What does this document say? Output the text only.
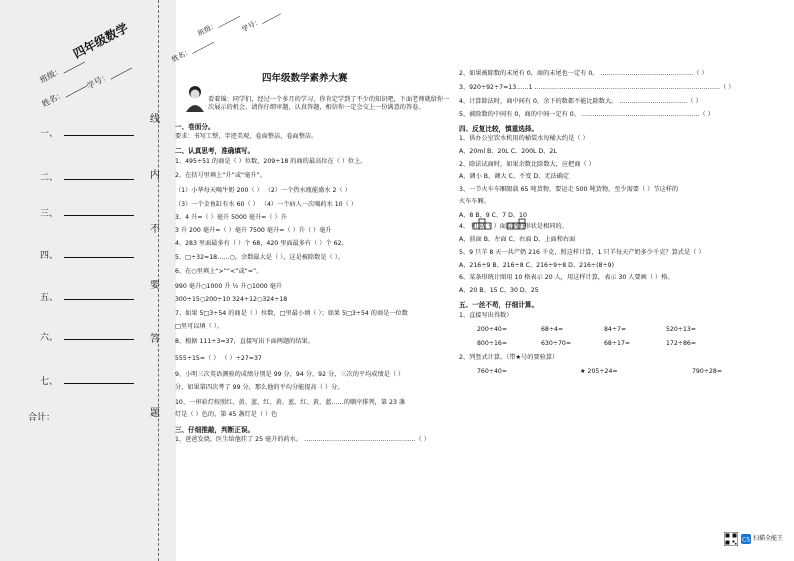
四年级数学
姓名：______
学号：______
班级：______
一、
二、
三、
四、
五、
六、
七、
合计：
线
内
不
要
答
题
姓名：_______
班级：_______ 学号：______
四年级数学素养大赛
看着锦：同学们，经过一个多月的学习，你肯定学到了不少的知识吧，下面老师就给你一次展示的机会，请你仔细审题，认真答题，相信你一定会交上一份满意的答卷。
一、卷面分。
要求：书写工整，字迹美观，卷面整洁，卷面整洁。
二、认真思考，准确填写。
1、495÷51 的商是（ ）位数，209÷18 的商的最高位在（ ）位上。
2、在括号里填上“升”或“毫升”。
（1）小华每天喝牛奶 200（ ） （2）一个热水瓶能盛水 2（ ）
（3）一个金鱼缸有水 60（ ） （4）一个病人一次喝药水 10（ ）
3、4 升=（ ）毫升 5000 毫升=（ ）升
3 升 200 毫升=（ ）毫升 7500 毫升=（ ）升（ ）毫升
4、283 里面最多有（ ）个 68，420 里面最多有（ ）个 62。
5、□÷32=18……○，余数最大是（ ），这是被除数是（ ）。
6、在○里填上“>”“<”或“=”。
990 毫升○1000 升 ½ 升○1000 毫升
300÷15○200÷10 324÷12○324÷18
7、如果 5□3÷54 的商是（ ）位数，□里最小填（ ）；如果 5□3÷54 的商是一位数
□里可以填（ ）。
8、根据 111÷3=37，直接写出下面两题的结果。
555÷15=（ ） （ ）÷27=37
9、小明三次英语测验的成绩分别是 99 分，94 分，92 分，三次的平均成绩是（ ）
分，如果第四次考了 99 分，那么他的平均分能提高（ ）分。
10、一串彩灯按照红、黄、蓝、红、黄、蓝、红、黄、蓝……的顺序排列，第 23 盏
灯是（ ）色的，第 45 盏灯是（ ）色
三、仔细推敲，判断正误。
1、爸爸发烧，医生给他挂了 25 毫升的药水。 ………………………………………………（ ）
2、如果被除数的末尾有 0，商的末尾也一定有 0。 ………………………………………（ ）
3、920÷92÷7=13……1 ………………………………………………………………………………（ ）
4、计算除法时，商中间有 0，余下的数都不能比除数大。 ……………………………（ ）
5、被除数的中间有 0，商的中间一定有 0。 …………………………………………………（ ）
四、反复比较，慎重选择。
1、供办公室饮水机用的桶装水每桶大约是（ ）
A、20ml B、20L C、200L D、2L
2、除法试商时，如果余数比除数大，应把商（ ）
A、调小 B、调大 C、不变 D、无法确定
3、一节火车车厢限载 65 吨货物，要运走 500 吨货物，至少需要（ ）节这样的
火车车厢。
A、8 B、9 C、7 D、10
4、 和 从（ ）面看到的形状是相同的。
A、前面 B、左面 C、右面 D、上面和右面
5、9 只羊 8 天一共产奶 216 千克，照这样计算，1 只羊每天产奶多少千克？算式是（ ）
A、216÷9 B、216÷8 C、216÷9÷8 D、216÷(8÷9)
6、某条形统计图用 10 格表示 20 人，用这样计算，表示 30 人要画（ ）格。
A、20 B、15 C、30 D、25
五、一丝不苟，仔细计算。
1、直接写出得数）
200÷40=	68÷4=	84÷7=	520÷13=
800÷16=	630÷70=	68÷17=	172÷86=
2、列竖式计算。（带★号的要验算）
760÷40=	★ 205÷24=	790÷28=
CS 扫描全能王
